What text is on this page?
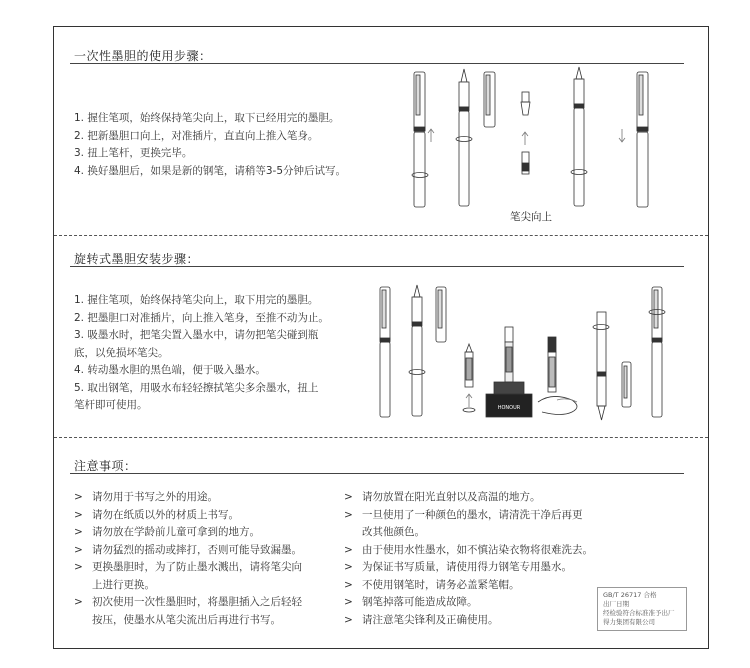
一次性墨胆的使用步骤：
1. 握住笔项，始终保持笔尖向上，取下已经用完的墨胆。
2. 把新墨胆口向上，对准插片，直直向上推入笔身。
3. 扭上笔杆，更换完毕。
4. 换好墨胆后，如果是新的钢笔，请稍等3-5分钟后试写。
笔尖向上
旋转式墨胆安装步骤：
1. 握住笔项，始终保持笔尖向上，取下用完的墨胆。
2. 把墨胆口对准插片，向上推入笔身，至推不动为止。
3. 吸墨水时，把笔尖置入墨水中，请勿把笔尖碰到瓶
底，以免损坏笔尖。
4. 转动墨水胆的黑色端，便于吸入墨水。
5. 取出钢笔，用吸水布轻轻擦拭笔尖多余墨水，扭上
笔杆即可使用。	HONOUR
注意事项：
> 请勿用于书写之外的用途。
> 请勿在纸质以外的材质上书写。
> 请勿放在学龄前儿童可拿到的地方。
> 请勿猛烈的摇动或摔打，否则可能导致漏墨。
> 更换墨胆时，为了防止墨水溅出，请将笔尖向
上进行更换。
> 初次使用一次性墨胆时，将墨胆插入之后轻轻
按压，使墨水从笔尖流出后再进行书写。
> 请勿放置在阳光直射以及高温的地方。
> 一旦使用了一种颜色的墨水，请清洗干净后再更
改其他颜色。
> 由于使用水性墨水，如不慎沾染衣物将很难洗去。
> 为保证书写质量，请使用得力钢笔专用墨水。
> 不使用钢笔时，请务必盖紧笔帽。
> 钢笔掉落可能造成故障。
> 请注意笔尖锋利及正确使用。
GB/T 26717 合格
出厂日期
经检验符合标准准予出厂
得力集团有限公司
